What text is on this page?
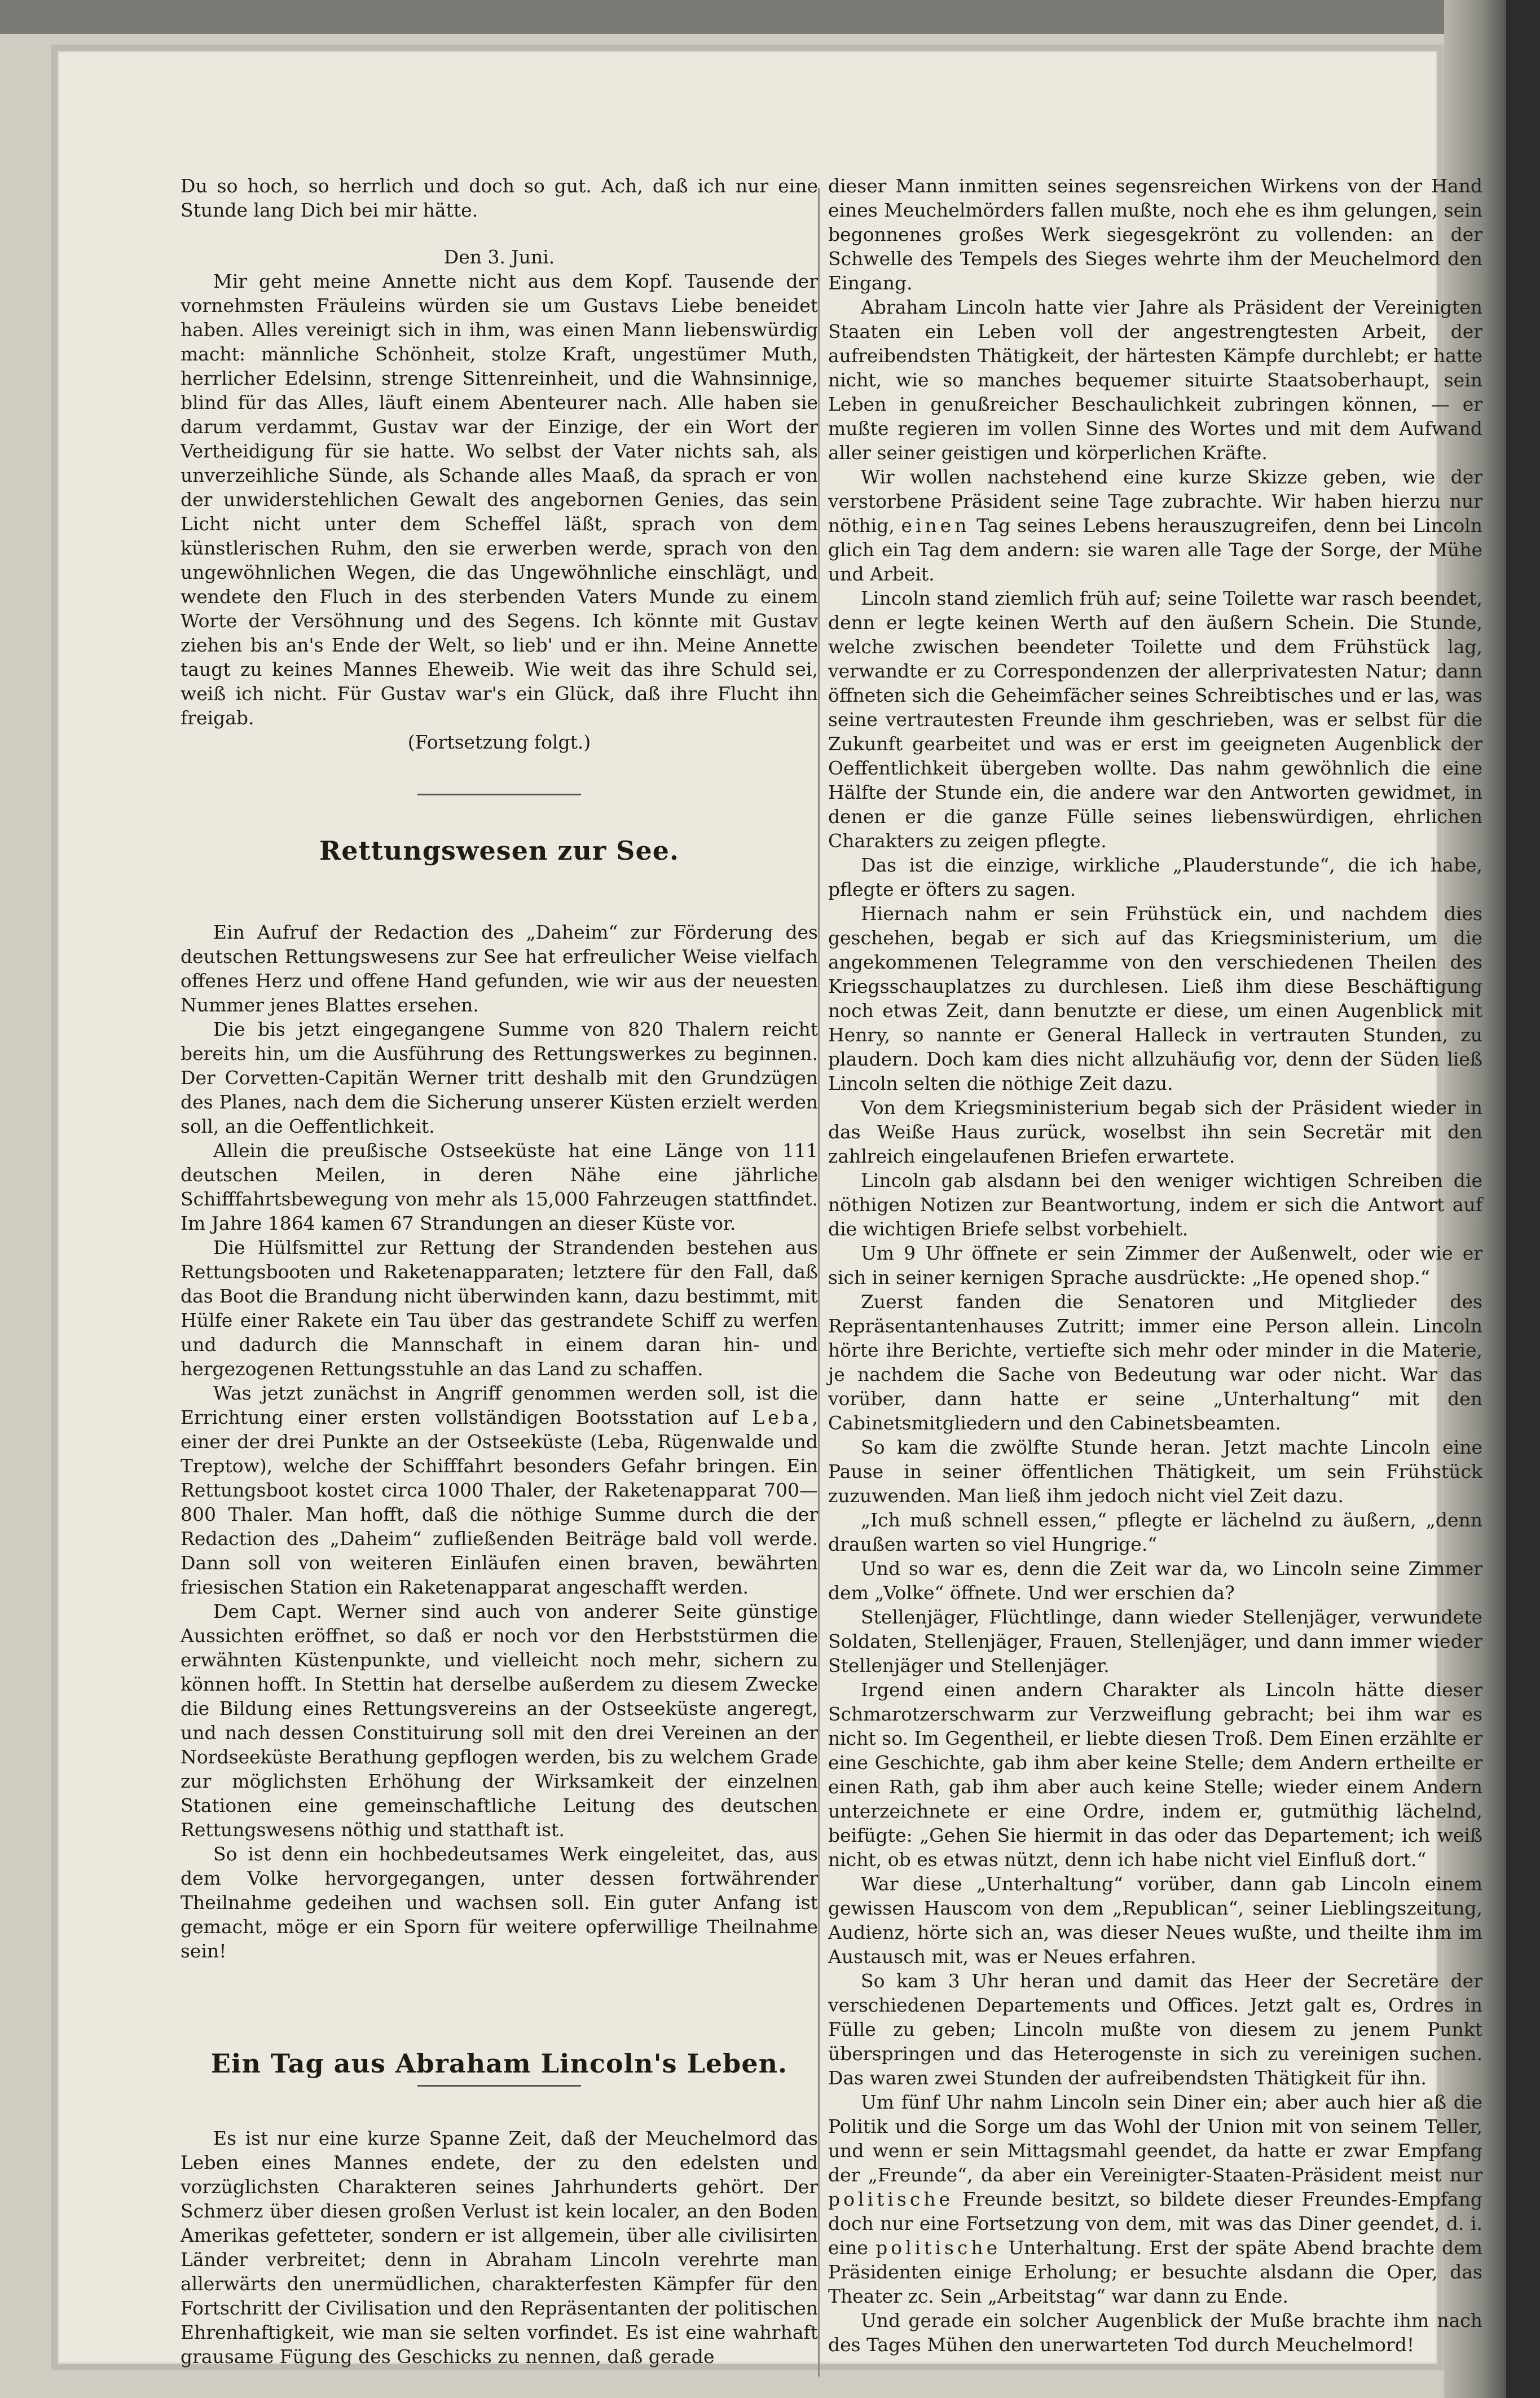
Du so hoch, so herrlich und doch so gut. Ach, daß ich nur eine Stunde lang Dich bei mir hätte.

Den 3. Juni.

Mir geht meine Annette nicht aus dem Kopf. Tausende der vornehmsten Fräuleins würden sie um Gustavs Liebe beneidet haben. Alles vereinigt sich in ihm, was einen Mann liebenswürdig macht: männliche Schönheit, stolze Kraft, ungestümer Muth, herrlicher Edelsinn, strenge Sittenreinheit, und die Wahnsinnige, blind für das Alles, läuft einem Abenteurer nach. Alle haben sie darum verdammt, Gustav war der Einzige, der ein Wort der Vertheidigung für sie hatte. Wo selbst der Vater nichts sah, als unverzeihliche Sünde, als Schande alles Maaß, da sprach er von der unwiderstehlichen Gewalt des angebornen Genies, das sein Licht nicht unter dem Scheffel läßt, sprach von dem künstlerischen Ruhm, den sie erwerben werde, sprach von den ungewöhnlichen Wegen, die das Ungewöhnliche einschlägt, und wendete den Fluch in des sterbenden Vaters Munde zu einem Worte der Versöhnung und des Segens. Ich könnte mit Gustav ziehen bis an's Ende der Welt, so lieb' und er ihn. Meine Annette taugt zu keines Mannes Eheweib. Wie weit das ihre Schuld sei, weiß ich nicht. Für Gustav war's ein Glück, daß ihre Flucht ihn freigab.

(Fortsetzung folgt.)

Rettungswesen zur See.

Ein Aufruf der Redaction des „Daheim“ zur Förderung des deutschen Rettungswesens zur See hat erfreulicher Weise vielfach offenes Herz und offene Hand gefunden, wie wir aus der neuesten Nummer jenes Blattes ersehen.

Die bis jetzt eingegangene Summe von 820 Thalern reicht bereits hin, um die Ausführung des Rettungswerkes zu beginnen. Der Corvetten-Capitän Werner tritt deshalb mit den Grundzügen des Planes, nach dem die Sicherung unserer Küsten erzielt werden soll, an die Oeffentlichkeit.

Allein die preußische Ostseeküste hat eine Länge von 111 deutschen Meilen, in deren Nähe eine jährliche Schifffahrtsbewegung von mehr als 15,000 Fahrzeugen stattfindet. Im Jahre 1864 kamen 67 Strandungen an dieser Küste vor.

Die Hülfsmittel zur Rettung der Strandenden bestehen aus Rettungsbooten und Raketenapparaten; letztere für den Fall, daß das Boot die Brandung nicht überwinden kann, dazu bestimmt, mit Hülfe einer Rakete ein Tau über das gestrandete Schiff zu werfen und dadurch die Mannschaft in einem daran hin- und hergezogenen Rettungsstuhle an das Land zu schaffen.

Was jetzt zunächst in Angriff genommen werden soll, ist die Errichtung einer ersten vollständigen Bootsstation auf Leba, einer der drei Punkte an der Ostseeküste (Leba, Rügenwalde und Treptow), welche der Schifffahrt besonders Gefahr bringen. Ein Rettungsboot kostet circa 1000 Thaler, der Raketenapparat 700—800 Thaler. Man hofft, daß die nöthige Summe durch die der Redaction des „Daheim“ zufließenden Beiträge bald voll werde. Dann soll von weiteren Einläufen einen braven, bewährten friesischen Station ein Raketenapparat angeschafft werden.

Dem Capt. Werner sind auch von anderer Seite günstige Aussichten eröffnet, so daß er noch vor den Herbststürmen die erwähnten Küstenpunkte, und vielleicht noch mehr, sichern zu können hofft. In Stettin hat derselbe außerdem zu diesem Zwecke die Bildung eines Rettungsvereins an der Ostseeküste angeregt, und nach dessen Constituirung soll mit den drei Vereinen an der Nordseeküste Berathung gepflogen werden, bis zu welchem Grade zur möglichsten Erhöhung der Wirksamkeit der einzelnen Stationen eine gemeinschaftliche Leitung des deutschen Rettungswesens nöthig und statthaft ist.

So ist denn ein hochbedeutsames Werk eingeleitet, das, aus dem Volke hervorgegangen, unter dessen fortwährender Theilnahme gedeihen und wachsen soll. Ein guter Anfang ist gemacht, möge er ein Sporn für weitere opferwillige Theilnahme sein!

Ein Tag aus Abraham Lincoln's Leben.

Es ist nur eine kurze Spanne Zeit, daß der Meuchelmord das Leben eines Mannes endete, der zu den edelsten und vorzüglichsten Charakteren seines Jahrhunderts gehört. Der Schmerz über diesen großen Verlust ist kein localer, an den Boden Amerikas gefetteter, sondern er ist allgemein, über alle civilisirten Länder verbreitet; denn in Abraham Lincoln verehrte man allerwärts den unermüdlichen, charakterfesten Kämpfer für den Fortschritt der Civilisation und den Repräsentanten der politischen Ehrenhaftigkeit, wie man sie selten vorfindet. Es ist eine wahrhaft grausame Fügung des Geschicks zu nennen, daß gerade

dieser Mann inmitten seines segensreichen Wirkens von der Hand eines Meuchelmörders fallen mußte, noch ehe es ihm gelungen, sein begonnenes großes Werk siegesgekrönt zu vollenden: an der Schwelle des Tempels des Sieges wehrte ihm der Meuchelmord den Eingang.

Abraham Lincoln hatte vier Jahre als Präsident der Vereinigten Staaten ein Leben voll der angestrengtesten Arbeit, der aufreibendsten Thätigkeit, der härtesten Kämpfe durchlebt; er hatte nicht, wie so manches bequemer situirte Staatsoberhaupt, sein Leben in genußreicher Beschaulichkeit zubringen können, — er mußte regieren im vollen Sinne des Wortes und mit dem Aufwand aller seiner geistigen und körperlichen Kräfte.

Wir wollen nachstehend eine kurze Skizze geben, wie der verstorbene Präsident seine Tage zubrachte. Wir haben hierzu nur nöthig, einen Tag seines Lebens herauszugreifen, denn bei Lincoln glich ein Tag dem andern: sie waren alle Tage der Sorge, der Mühe und Arbeit.

Lincoln stand ziemlich früh auf; seine Toilette war rasch beendet, denn er legte keinen Werth auf den äußern Schein. Die Stunde, welche zwischen beendeter Toilette und dem Frühstück lag, verwandte er zu Correspondenzen der allerprivatesten Natur; dann öffneten sich die Geheimfächer seines Schreibtisches und er las, was seine vertrautesten Freunde ihm geschrieben, was er selbst für die Zukunft gearbeitet und was er erst im geeigneten Augenblick der Oeffentlichkeit übergeben wollte. Das nahm gewöhnlich die eine Hälfte der Stunde ein, die andere war den Antworten gewidmet, in denen er die ganze Fülle seines liebenswürdigen, ehrlichen Charakters zu zeigen pflegte.

Das ist die einzige, wirkliche „Plauderstunde“, die ich habe, pflegte er öfters zu sagen.

Hiernach nahm er sein Frühstück ein, und nachdem dies geschehen, begab er sich auf das Kriegsministerium, um die angekommenen Telegramme von den verschiedenen Theilen des Kriegsschauplatzes zu durchlesen. Ließ ihm diese Beschäftigung noch etwas Zeit, dann benutzte er diese, um einen Augenblick mit Henry, so nannte er General Halleck in vertrauten Stunden, zu plaudern. Doch kam dies nicht allzuhäufig vor, denn der Süden ließ Lincoln selten die nöthige Zeit dazu.

Von dem Kriegsministerium begab sich der Präsident wieder in das Weiße Haus zurück, woselbst ihn sein Secretär mit den zahlreich eingelaufenen Briefen erwartete.

Lincoln gab alsdann bei den weniger wichtigen Schreiben die nöthigen Notizen zur Beantwortung, indem er sich die Antwort auf die wichtigen Briefe selbst vorbehielt.

Um 9 Uhr öffnete er sein Zimmer der Außenwelt, oder wie er sich in seiner kernigen Sprache ausdrückte: „He opened shop.“

Zuerst fanden die Senatoren und Mitglieder des Repräsentantenhauses Zutritt; immer eine Person allein. Lincoln hörte ihre Berichte, vertiefte sich mehr oder minder in die Materie, je nachdem die Sache von Bedeutung war oder nicht. War das vorüber, dann hatte er seine „Unterhaltung“ mit den Cabinetsmitgliedern und den Cabinetsbeamten.

So kam die zwölfte Stunde heran. Jetzt machte Lincoln eine Pause in seiner öffentlichen Thätigkeit, um sein Frühstück zuzuwenden. Man ließ ihm jedoch nicht viel Zeit dazu.

„Ich muß schnell essen,“ pflegte er lächelnd zu äußern, „denn draußen warten so viel Hungrige.“

Und so war es, denn die Zeit war da, wo Lincoln seine Zimmer dem „Volke“ öffnete. Und wer erschien da?

Stellenjäger, Flüchtlinge, dann wieder Stellenjäger, verwundete Soldaten, Stellenjäger, Frauen, Stellenjäger, und dann immer wieder Stellenjäger und Stellenjäger.

Irgend einen andern Charakter als Lincoln hätte dieser Schmarotzerschwarm zur Verzweiflung gebracht; bei ihm war es nicht so. Im Gegentheil, er liebte diesen Troß. Dem Einen erzählte er eine Geschichte, gab ihm aber keine Stelle; dem Andern ertheilte er einen Rath, gab ihm aber auch keine Stelle; wieder einem Andern unterzeichnete er eine Ordre, indem er, gutmüthig lächelnd, beifügte: „Gehen Sie hiermit in das oder das Departement; ich weiß nicht, ob es etwas nützt, denn ich habe nicht viel Einfluß dort.“

War diese „Unterhaltung“ vorüber, dann gab Lincoln einem gewissen Hauscom von dem „Republican“, seiner Lieblingszeitung, Audienz, hörte sich an, was dieser Neues wußte, und theilte ihm im Austausch mit, was er Neues erfahren.

So kam 3 Uhr heran und damit das Heer der Secretäre der verschiedenen Departements und Offices. Jetzt galt es, Ordres in Fülle zu geben; Lincoln mußte von diesem zu jenem Punkt überspringen und das Heterogenste in sich zu vereinigen suchen. Das waren zwei Stunden der aufreibendsten Thätigkeit für ihn.

Um fünf Uhr nahm Lincoln sein Diner ein; aber auch hier aß die Politik und die Sorge um das Wohl der Union mit von seinem Teller, und wenn er sein Mittagsmahl geendet, da hatte er zwar Empfang der „Freunde“, da aber ein Vereinigter-Staaten-Präsident meist nur politische Freunde besitzt, so bildete dieser Freundes-Empfang doch nur eine Fortsetzung von dem, mit was das Diner geendet, d. i. eine politische Unterhaltung. Erst der späte Abend brachte dem Präsidenten einige Erholung; er besuchte alsdann die Oper, das Theater zc. Sein „Arbeitstag“ war dann zu Ende.

Und gerade ein solcher Augenblick der Muße brachte ihm nach des Tages Mühen den unerwarteten Tod durch Meuchelmord!
